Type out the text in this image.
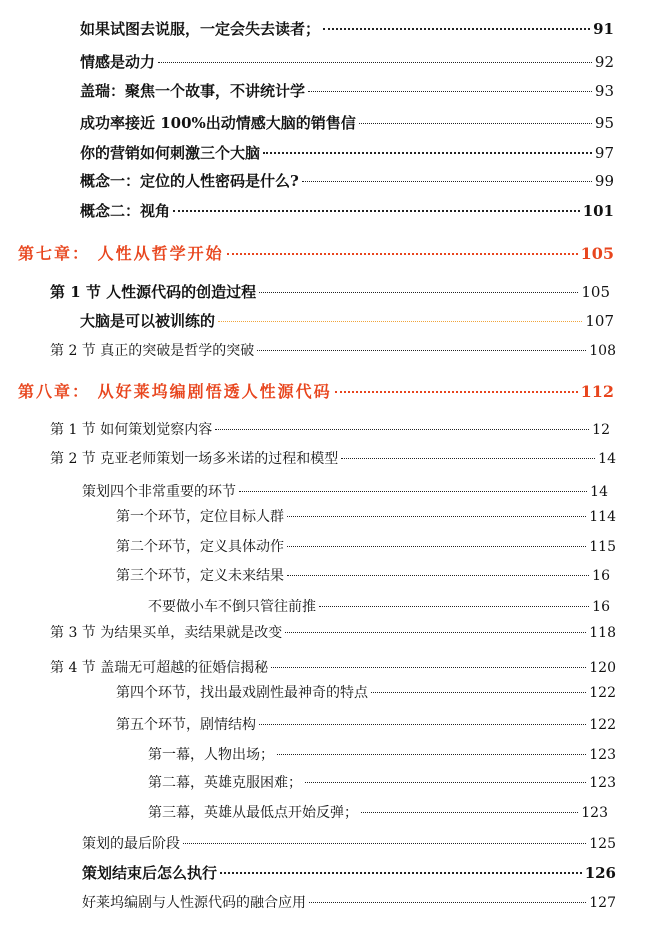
如果试图去说服，一定会失去读者；	91
情感是动力	92
盖瑞：聚焦一个故事，不讲统计学	93
成功率接近 100%出动情感大脑的销售信	95
你的营销如何刺激三个大脑	97
概念一：定位的人性密码是什么?	99
概念二：视角	101
第七章： 人性从哲学开始	105
第 1 节 人性源代码的创造过程	105
大脑是可以被训练的	107
第 2 节 真正的突破是哲学的突破	108
第八章： 从好莱坞编剧悟透人性源代码	112
第 1 节 如何策划觉察内容	12
第 2 节 克亚老师策划一场多米诺的过程和模型	14
策划四个非常重要的环节	14
第一个环节，定位目标人群	114
第二个环节，定义具体动作	115
第三个环节，定义未来结果	16
不要做小车不倒只管往前推	16
第 3 节 为结果买单，卖结果就是改变	118
第 4 节 盖瑞无可超越的征婚信揭秘	120
第四个环节，找出最戏剧性最神奇的特点	122
第五个环节，剧情结构	122
第一幕，人物出场；	123
第二幕，英雄克服困难；	123
第三幕，英雄从最低点开始反弹；	123
策划的最后阶段	125
策划结束后怎么执行	126
好莱坞编剧与人性源代码的融合应用	127
